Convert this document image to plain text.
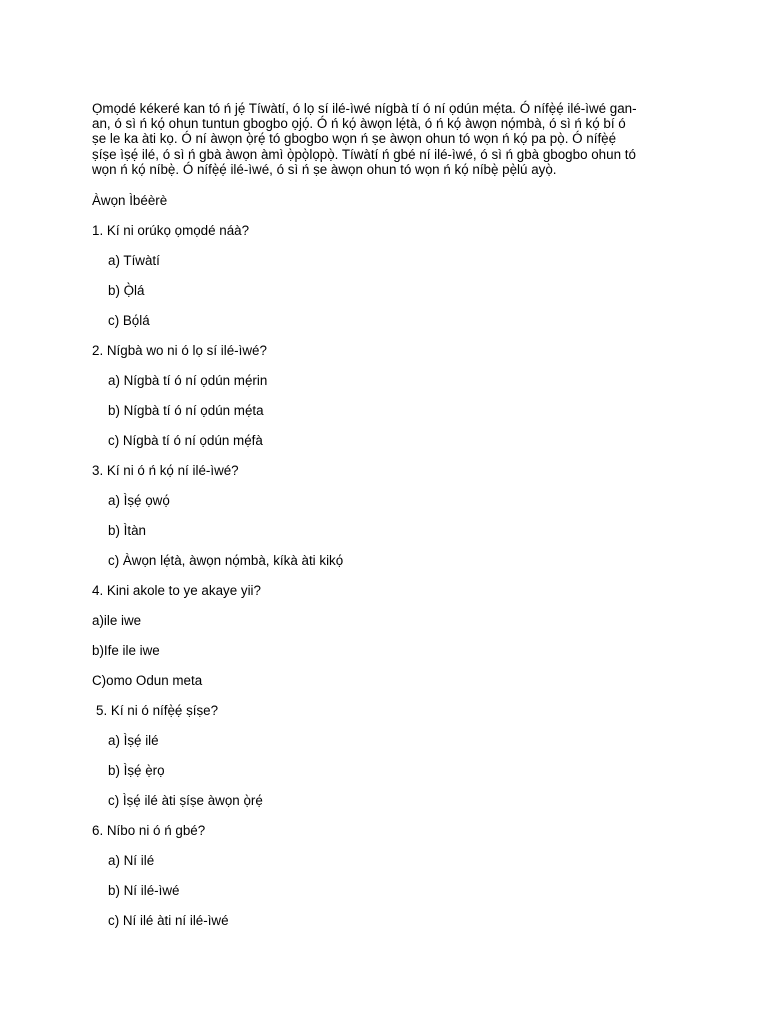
Ọmọdé kékeré kan tó ń jẹ́ Tíwàtí, ó lọ sí ilé-ìwé nígbà tí ó ní ọdún mẹ́ta. Ó nífẹ̀ẹ́ ilé-ìwé gan-
an, ó sì ń kọ́ ohun tuntun gbogbo ọjọ́. Ó ń kọ́ àwọn lẹ́tà, ó ń kọ́ àwọn nọ́mbà, ó sì ń kọ́ bí ó
ṣe le ka àti kọ. Ó ní àwọn ọ̀rẹ́ tó gbogbo wọn ń ṣe àwọn ohun tó wọn ń kọ́ pa pọ̀. Ó nífẹ̀ẹ́
ṣíṣe ìṣẹ́ ilé, ó sì ń gbà àwọn àmì ọ̀pọ̀lọpọ̀. Tíwàtí ń gbé ní ilé-ìwé, ó sì ń gbà gbogbo ohun tó
wọn ń kọ́ níbẹ̀. Ó nífẹ̀ẹ́ ilé-ìwé, ó sì ń ṣe àwọn ohun tó wọn ń kọ́ níbẹ̀ pẹ̀lú ayọ̀.
Àwọn Ìbéèrè
1. Kí ni orúkọ ọmọdé náà?
a) Tíwàtí
b) Ọ̀lá
c) Bọ́lá
2. Nígbà wo ni ó lọ sí ilé-ìwé?
a) Nígbà tí ó ní ọdún mẹ́rin
b) Nígbà tí ó ní ọdún mẹ́ta
c) Nígbà tí ó ní ọdún mẹ́fà
3. Kí ni ó ń kọ́ ní ilé-ìwé?
a) Ìṣẹ́ ọwọ́
b) Ìtàn
c) Àwọn lẹ́tà, àwọn nọ́mbà, kíkà àti kikọ́
4. Kini akole to ye akaye yii?
a)ile iwe
b)Ife ile iwe
C)omo Odun meta
5. Kí ni ó nífẹ̀ẹ́ ṣíṣe?
a) Ìṣẹ́ ilé
b) Ìṣẹ́ ẹ̀rọ
c) Ìṣẹ́ ilé àti ṣíṣe àwọn ọ̀rẹ́
6. Níbo ni ó ń gbé?
a) Ní ilé
b) Ní ilé-ìwé
c) Ní ilé àti ní ilé-ìwé
